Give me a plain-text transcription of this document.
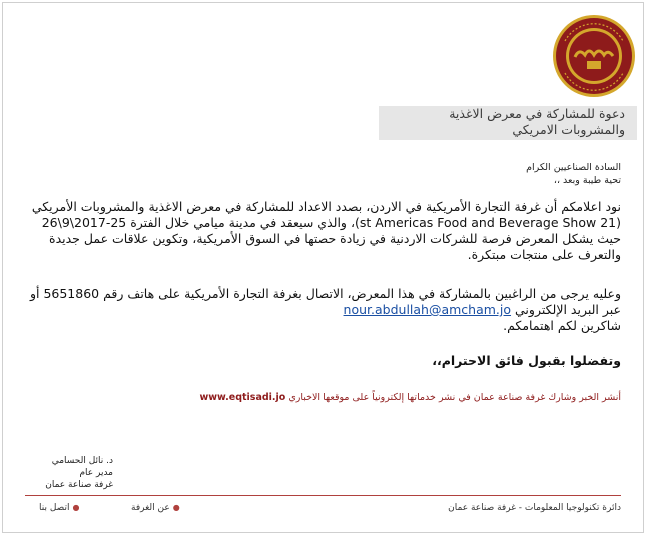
دعوة للمشاركة في معرض الاغذية
والمشروبات الامريكي
السادة الصناعيين الكرام
تحية طيبة وبعد ،،
نود اعلامكم أن غرفة التجارة الأمريكية في الاردن، بصدد الاعداد للمشاركة في معرض الاغذية والمشروبات الأمريكي (21 st Americas Food and Beverage Show)، والذي سيعقد في مدينة ميامي خلال الفترة 25-2017\9\26 حيث يشكل المعرض فرصة للشركات الاردنية في زيادة حصتها في السوق الأمريكية، وتكوين علاقات عمل جديدة والتعرف على منتجات مبتكرة.
وعليه يرجى من الراغبين بالمشاركة في هذا المعرض، الاتصال بغرفة التجارة الأمريكية على هاتف رقم 5651860 أو عبر البريد الإلكتروني nour.abdullah@amcham.jo
شاكرين لكم اهتمامكم.
وتفضلوا بقبول فائق الاحترام،،
أنشر الخبر وشارك غرفة صناعة عمان في نشر خدماتها إلكترونياً على موقعها الاخباري www.eqtisadi.jo
د. نائل الحسامي
مدير عام
غرفة صناعة عمان
دائرة تكنولوجيا المعلومات - غرفة صناعة عمان
●عن الغرفة
●اتصل بنا
